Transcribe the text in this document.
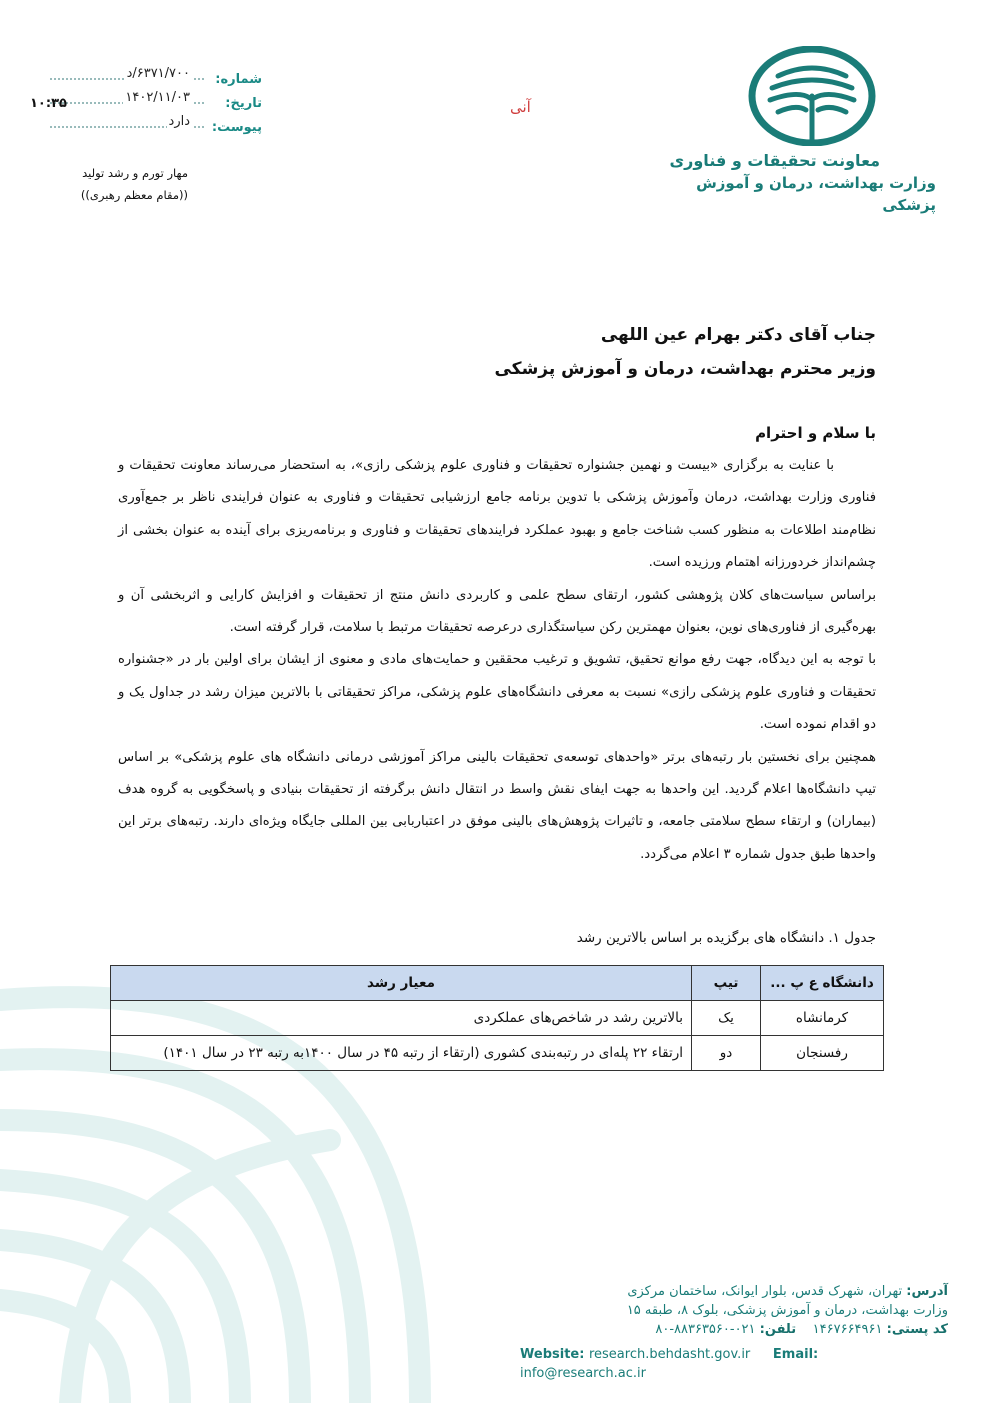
شماره:
۶۳۷۱/۷۰۰/د
تاریخ:
۱۴۰۲/۱۱/۰۳
پیوست:
دارد
۱۰:۳۵	آنی
مهار تورم و رشد تولید
((مقام معظم رهبری))
معاونت تحقیقات و فناوری
وزارت بهداشت، درمان و آموزش پزشکی
جناب آقای دکتر بهرام عین اللهی
وزیر محترم بهداشت، درمان و آموزش پزشکی
با سلام و احترام

با عنایت به برگزاری «بیست و نهمین جشنواره تحقیقات و فناوری علوم پزشکی رازی»، به استحضار می‌رساند معاونت تحقیقات و فناوری وزارت بهداشت، درمان وآموزش پزشکی با تدوین برنامه جامع ارزشیابی تحقیقات و فناوری به عنوان فرایندی ناظر بر جمع‌آوری نظام‌مند اطلاعات به منظور کسب شناخت جامع و بهبود عملکرد فرایندهای تحقیقات و فناوری و برنامه‌ریزی برای آینده به عنوان بخشی از چشم‌انداز خردورزانه اهتمام ورزیده است.

براساس سیاست‌های کلان پژوهشی کشور، ارتقای سطح علمی و کاربردی دانش منتج از تحقیقات و افزایش کارایی و اثربخشی آن و بهره‌گیری از فناوری‌های نوین، بعنوان مهمترین رکن سیاستگذاری درعرصه تحقیقات مرتبط با سلامت، قرار گرفته است.

با توجه به این دیدگاه، جهت رفع موانع تحقیق، تشویق و ترغیب محققین و حمایت‌های مادی و معنوی از ایشان برای اولین بار در «جشنواره تحقیقات و فناوری علوم پزشکی رازی» نسبت به معرفی دانشگاه‌های علوم پزشکی، مراکز تحقیقاتی با بالاترین میزان رشد در جداول یک و دو اقدام نموده است.

همچنین برای نخستین بار رتبه‌های برتر «واحدهای توسعه‌ی تحقیقات بالینی مراکز آموزشی درمانی دانشگاه های علوم پزشکی» بر اساس تیپ دانشگاه‌ها اعلام گردید. این واحدها به جهت ایفای نقش واسط در انتقال دانش برگرفته از تحقیقات بنیادی و پاسخگویی به گروه هدف (بیماران) و ارتقاء سطح سلامتی جامعه، و تاثیرات پژوهش‌های بالینی موفق در اعتباربابی بین المللی جایگاه ویژه‌ای دارند. رتبه‌های برتر این واحدها طبق جدول شماره ۳ اعلام می‌گردد.

جدول ۱. دانشگاه های برگزیده بر اساس بالاترین رشد
دانشگاه ع پ ...	تیپ	معیار رشد
کرمانشاه	یک	بالاترین رشد در شاخص‌های عملکردی
رفسنجان	دو	ارتقاء ۲۲ پله‌ای در رتبه‌بندی کشوری (ارتقاء از رتبه ۴۵ در سال ۱۴۰۰به رتبه ۲۳ در سال ۱۴۰۱)
آدرس: تهران، شهرک قدس، بلوار ایوانک، ساختمان مرکزی
وزارت بهداشت، درمان و آموزش پزشکی، بلوک ۸، طبقه ۱۵
کد پستی: ۱۴۶۷۶۶۴۹۶۱    تلفن: ۰۲۱-۸۸۳۶۳۵۶۰-۸۰
Website: research.behdasht.gov.ir Email: info@research.ac.ir
